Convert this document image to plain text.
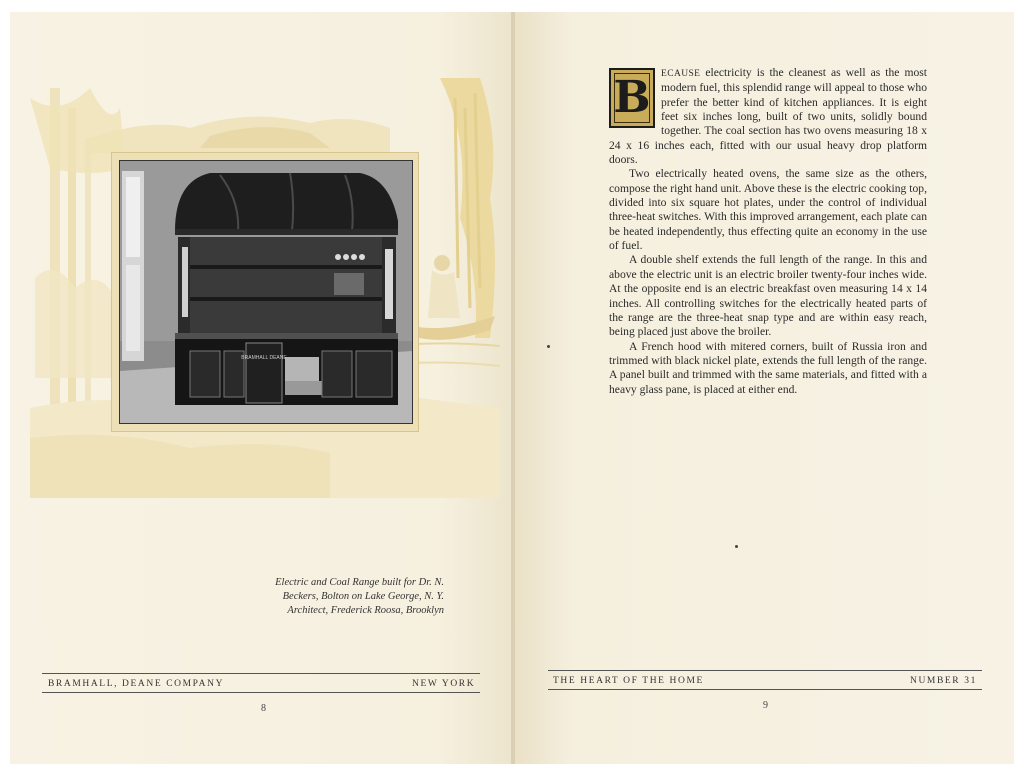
BRAMHALL DEANE
Electric and Coal Range built for Dr. N.
Beckers, Bolton on Lake George, N. Y.
Architect, Frederick Roosa, Brooklyn
BRAMHALL, DEANE COMPANY	NEW YORK
8
B	ECAUSE electricity is the cleanest as well as the most modern fuel, this splendid range will appeal to those who prefer the better kind of kitchen appliances. It is eight feet six inches long, built of two units, solidly bound together. The coal section has two ovens measuring 18 x 24 x 16 inches each, fitted with our usual heavy drop platform doors.

Two electrically heated ovens, the same size as the others, compose the right hand unit. Above these is the electric cooking top, divided into six square hot plates, under the control of individual three-heat switches. With this improved arrangement, each plate can be heated independently, thus effecting quite an economy in the use of fuel.

A double shelf extends the full length of the range. In this and above the electric unit is an electric broiler twenty-four inches wide. At the opposite end is an electric breakfast oven measuring 14 x 14 inches. All controlling switches for the electrically heated parts of the range are the three-heat snap type and are within easy reach, being placed just above the broiler.

A French hood with mitered corners, built of Russia iron and trimmed with black nickel plate, extends the full length of the range. A panel built and trimmed with the same materials, and fitted with a heavy glass pane, is placed at either end.

THE HEART OF THE HOME	NUMBER 31
9
